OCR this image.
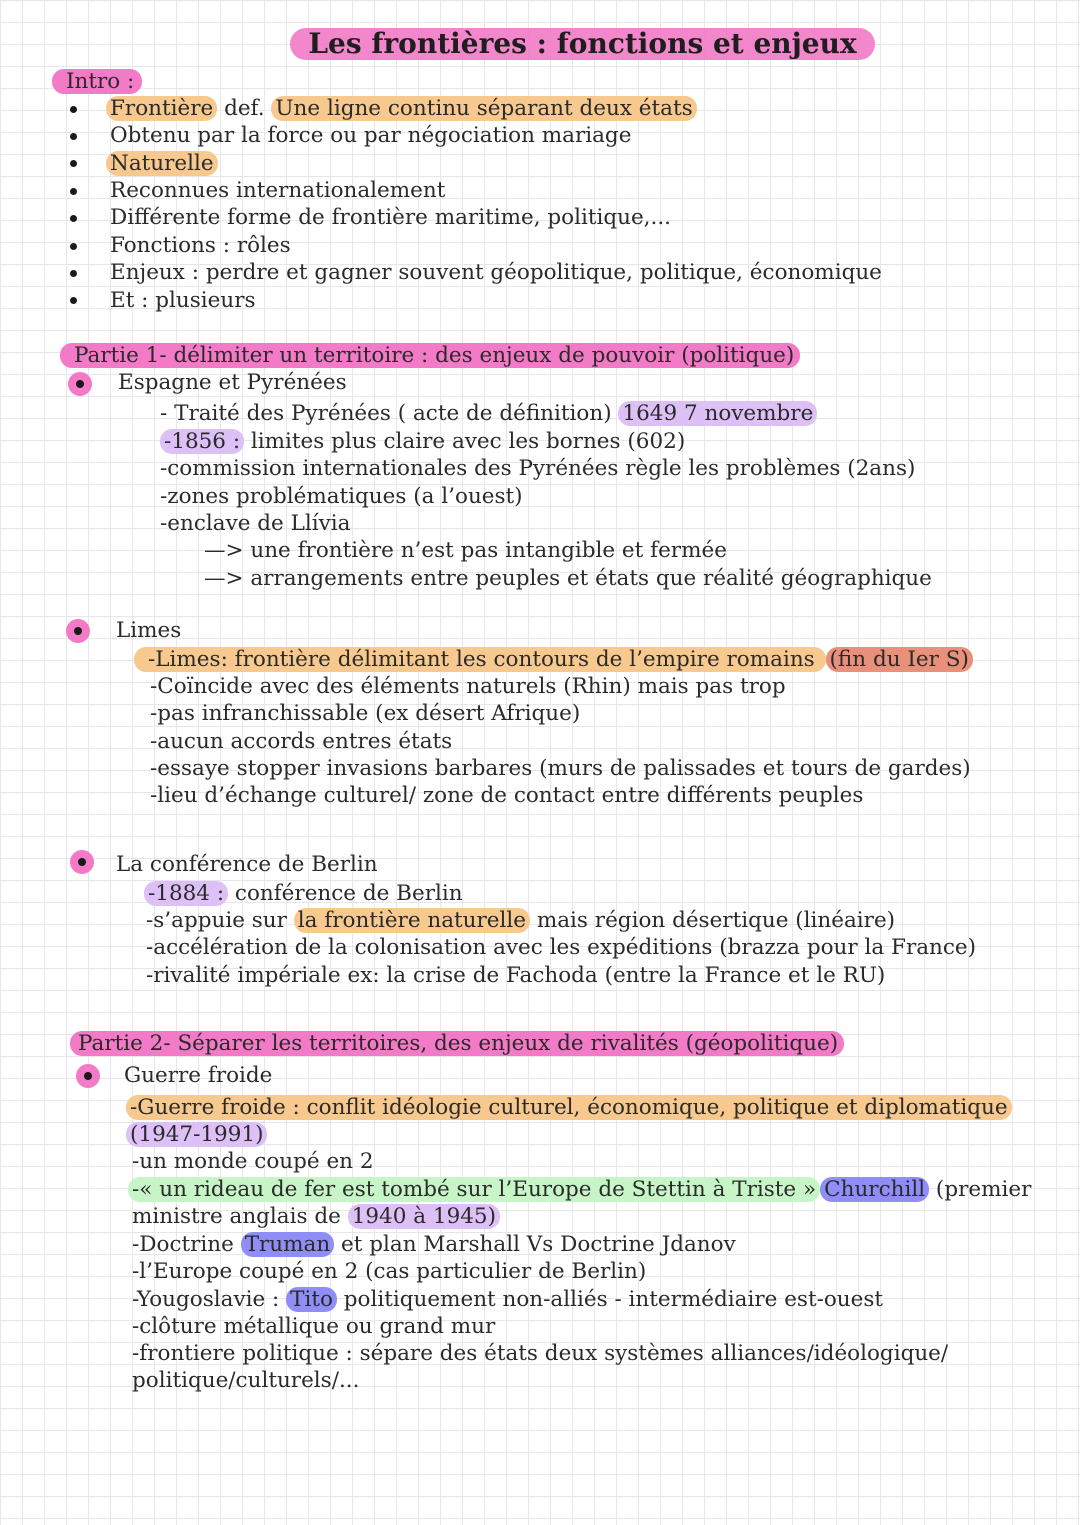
Les frontières : fonctions et enjeux
Intro :
Frontière def. Une ligne continu séparant deux états
Obtenu par la force ou par négociation mariage
Naturelle
Reconnues internationalement
Différente forme de frontière maritime, politique,...
Fonctions : rôles
Enjeux : perdre et gagner souvent géopolitique, politique, économique
Et : plusieurs
Partie 1- délimiter un territoire : des enjeux de pouvoir (politique)
Espagne et Pyrénées
- Traité des Pyrénées ( acte de définition) 1649 7 novembre
-1856 : limites plus claire avec les bornes (602)
-commission internationales des Pyrénées règle les problèmes (2ans)
-zones problématiques (a l’ouest)
-enclave de Llívia
—> une frontière n’est pas intangible et fermée
—> arrangements entre peuples et états que réalité géographique
Limes
-Limes: frontière délimitant les contours de l’empire romains (fin du Ier S)
-Coïncide avec des éléments naturels (Rhin) mais pas trop
-pas infranchissable (ex désert Afrique)
-aucun accords entres états
-essaye stopper invasions barbares (murs de palissades et tours de gardes)
-lieu d’échange culturel/ zone de contact entre différents peuples
La conférence de Berlin
-1884 : conférence de Berlin
-s’appuie sur la frontière naturelle mais région désertique (linéaire)
-accélération de la colonisation avec les expéditions (brazza pour la France)
-rivalité impériale ex: la crise de Fachoda (entre la France et le RU)
Partie 2- Séparer les territoires, des enjeux de rivalités (géopolitique)
Guerre froide
-Guerre froide : conflit idéologie culturel, économique, politique et diplomatique
(1947-1991)
-un monde coupé en 2
-« un rideau de fer est tombé sur l’Europe de Stettin à Triste » Churchill (premier
ministre anglais de 1940 à 1945)
-Doctrine Truman et plan Marshall Vs Doctrine Jdanov
-l’Europe coupé en 2 (cas particulier de Berlin)
-Yougoslavie : Tito politiquement non-alliés - intermédiaire est-ouest
-clôture métallique ou grand mur
-frontiere politique : sépare des états deux systèmes alliances/idéologique/
politique/culturels/...
